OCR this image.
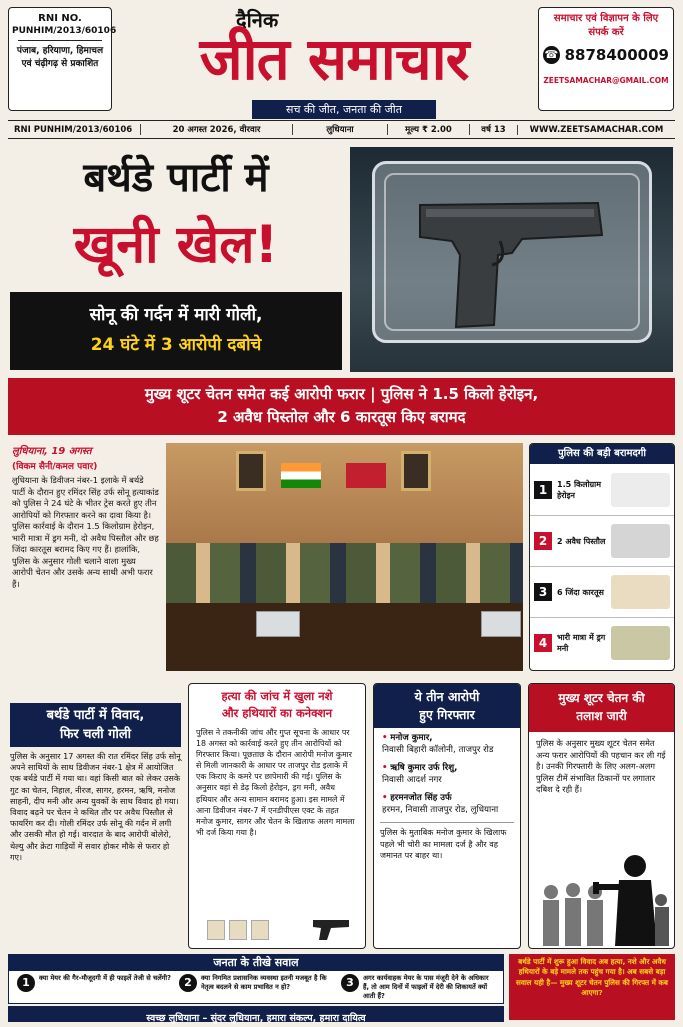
RNI NO.
PUNHIM/2013/60106
पंजाब, हरियाणा, हिमाचल एवं चंढ़ीगढ़ से प्रकाशित
दैनिक
जीत समाचार
सच की जीत, जनता की जीत
समाचार एवं विज्ञापन के लिए संपर्क करें
☎ 8878400009
ZEETSAMACHAR@GMAIL.COM
RNI PUNHIM/2013/60106	20 अगस्त 2026, वीरवार	लुधियाना	मूल्य ₹ 2.00	वर्ष 13	WWW.ZEETSAMACHAR.COM
बर्थडे पार्टी में
खूनी खेल!
सोनू की गर्दन में मारी गोली,
24 घंटे में 3 आरोपी दबोचे
मुख्य शूटर चेतन समेत कई आरोपी फरार | पुलिस ने 1.5 किलो हेरोइन,
2 अवैध पिस्तोल और 6 कारतूस किए बरामद
लुधियाना, 19 अगस्त
(विकम सैनी/कमल पवार)
लुधियाना के डिवीजन नंबर-1 इलाके में बर्थडे पार्टी के दौरान हुए रमिंदर सिंह उर्फ सोनू हत्याकांड को पुलिस ने 24 घंटे के भीतर ट्रेस करते हुए तीन आरोपियों को गिरफ्तार करने का दावा किया है। पुलिस कार्रवाई के दौरान 1.5 किलोग्राम हेरोइन, भारी मात्रा में ड्रग मनी, दो अवैध पिस्तौल और छह जिंदा कारतूस बरामद किए गए हैं। हालांकि, पुलिस के अनुसार गोली चलाने वाला मुख्य आरोपी चेतन और उसके अन्य साथी अभी फरार हैं।
पुलिस की बड़ी बरामदगी
1	1.5 किलोग्राम हेरोइन
2	2 अवैध पिस्तौल
3	6 जिंदा कारतूस
4	भारी मात्रा में ड्रग मनी
बर्थडे पार्टी में विवाद,
फिर चली गोली
पुलिस के अनुसार 17 अगस्त की रात रमिंदर सिंह उर्फ सोनू अपने साथियों के साथ डिवीजन नंबर-1 क्षेत्र में आयोजित एक बर्थडे पार्टी में गया था। वहां किसी बात को लेकर उसके गुट का चेतन, निहाल, नीरज, सागर, हरमन, ऋषि, मनोज साहनी, दीप मनी और अन्य युवकों के साथ विवाद हो गया। विवाद बढ़ने पर चेतन ने कथित तौर पर अवैध पिस्तौल से फायरिंग कर दी। गोली रमिंदर उर्फ सोनू की गर्दन में लगी और उसकी मौत हो गई। वारदात के बाद आरोपी बोलेरो, थेल्यु और क्रेटा गाड़ियों में सवार होकर मौके से फरार हो गए।
हत्या की जांच में खुला नशे
और हथियारों का कनेक्शन
पुलिस ने तकनीकी जांच और गुप्त सूचना के आधार पर 18 अगस्त को कार्रवाई करते हुए तीन आरोपियों को गिरफ्तार किया। पूछताछ के दौरान आरोपी मनोज कुमार से मिली जानकारी के आधार पर ताजपुर रोड इलाके में एक किराए के कमरे पर छापेमारी की गई। पुलिस के अनुसार वहां से डेढ़ किलो हेरोइन, ड्रग मनी, अवैध हथियार और अन्य सामान बरामद हुआ। इस मामले में आना डिवीजन नंबर-7 में एनडीपीएस एक्ट के तहत मनोज कुमार, सागर और चेतन के खिलाफ अलग मामला भी दर्ज किया गया है।
ये तीन आरोपी
हुए गिरफ्तार
• मनोज कुमार,
निवासी बिहारी कॉलोनी, ताजपुर रोड
• ऋषि कुमार उर्फ रिशु,
निवासी आदर्श नगर
• हरमनजोत सिंह उर्फ
हरमन, निवासी ताजपुर रोड, लुधियाना
पुलिस के मुताबिक मनोज कुमार के खिलाफ पहले भी चोरी का मामला दर्ज है और वह जमानत पर बाहर था।
मुख्य शूटर चेतन की
तलाश जारी
पुलिस के अनुसार मुख्य शूटर चेतन समेत अन्य फरार आरोपियों की पहचान कर ली गई है। उनकी गिरफ्तारी के लिए अलग-अलग पुलिस टीमें संभावित ठिकानों पर लगातार दबिश दे रही हैं।
जनता के तीखे सवाल
1	क्या मेयर की गैर-मौजूदगी में ही फाइलें तेजी से चलेंगी?	2	क्या निगमित प्रशासनिक व्यवस्था इतनी मजबूत है कि नेतृत्व बदलने से काम प्रभावित न हो?	3	अगर कार्यवाहक मेयर के पास मंजूरी देने के अधिकार हैं, तो आम दिनों में फाइलों में देरी की शिकायतें क्यों आती हैं?
बर्थडे पार्टी में शुरू हुआ विवाद अब हत्या, नशे और अवैध हथियारों के बड़े मामले तक पहुंच गया है। अब सबसे बड़ा सवाल यही है— मुख्य शूटर चेतन पुलिस की गिरफ्त में कब आएगा?
स्वच्छ लुधियाना – सुंदर लुधियाना, हमारा संकल्प, हमारा दायित्व
